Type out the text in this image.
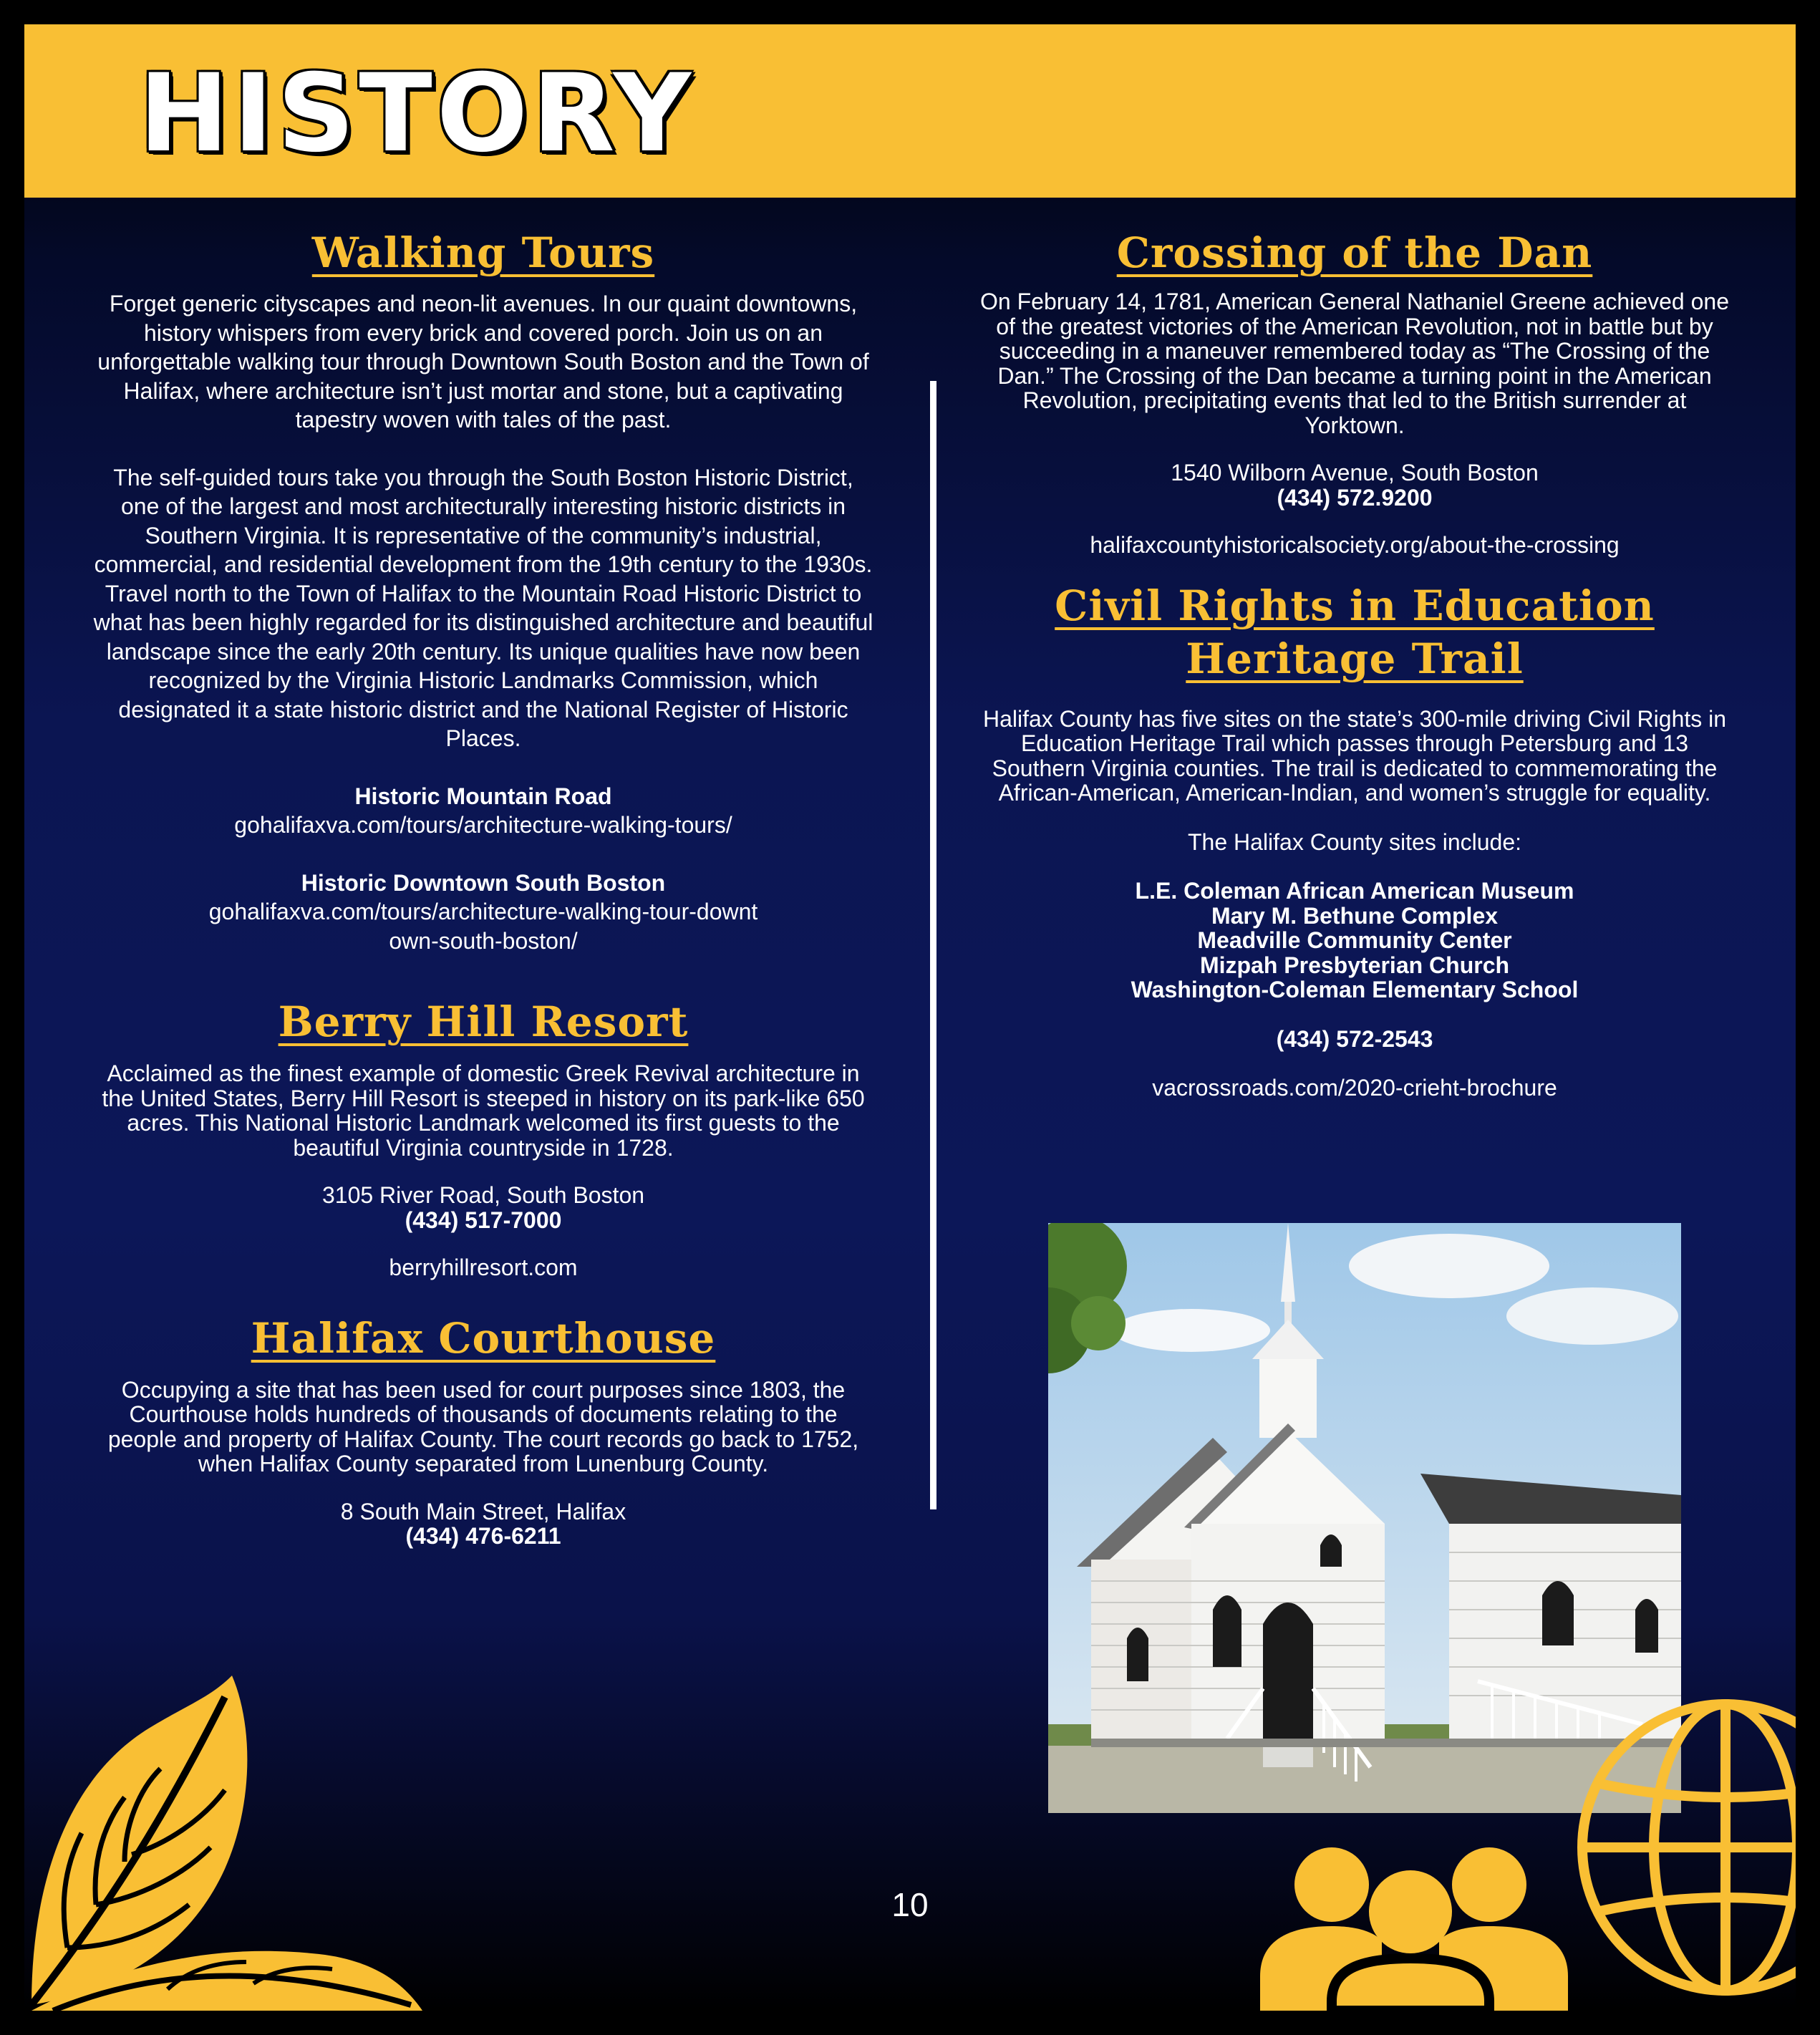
HISTORY
Walking Tours
Forget generic cityscapes and neon-lit avenues. In our quaint downtowns, history whispers from every brick and covered porch. Join us on an unforgettable walking tour through Downtown South Boston and the Town of Halifax, where architecture isn’t just mortar and stone, but a captivating tapestry woven with tales of the past.
The self-guided tours take you through the South Boston Historic District, one of the largest and most architecturally interesting historic districts in Southern Virginia. It is representative of the community’s industrial, commercial, and residential development from the 19th century to the 1930s. Travel north to the Town of Halifax to the Mountain Road Historic District to what has been highly regarded for its distinguished architecture and beautiful landscape since the early 20th century. Its unique qualities have now been recognized by the Virginia Historic Landmarks Commission, which designated it a state historic district and the National Register of Historic Places.
Historic Mountain Road
gohalifaxva.com/tours/architecture-walking-tours/
Historic Downtown South Boston
gohalifaxva.com/tours/architecture-walking-tour-downtown-south-boston/
Berry Hill Resort
Acclaimed as the finest example of domestic Greek Revival architecture in the United States, Berry Hill Resort is steeped in history on its park-like 650 acres. This National Historic Landmark welcomed its first guests to the beautiful Virginia countryside in 1728.
3105 River Road, South Boston
(434) 517-7000
berryhillresort.com
Halifax Courthouse
Occupying a site that has been used for court purposes since 1803, the Courthouse holds hundreds of thousands of documents relating to the people and property of Halifax County. The court records go back to 1752, when Halifax County separated from Lunenburg County.
8 South Main Street, Halifax
(434) 476-6211
Crossing of the Dan
On February 14, 1781, American General Nathaniel Greene achieved one of the greatest victories of the American Revolution, not in battle but by succeeding in a maneuver remembered today as “The Crossing of the Dan.” The Crossing of the Dan became a turning point in the American Revolution, precipitating events that led to the British surrender at Yorktown.
1540 Wilborn Avenue, South Boston
(434) 572.9200
halifaxcountyhistoricalsociety.org/about-the-crossing
Civil Rights in Education
Heritage Trail
Halifax County has five sites on the state’s 300-mile driving Civil Rights in Education Heritage Trail which passes through Petersburg and 13 Southern Virginia counties. The trail is dedicated to commemorating the African-American, American-Indian, and women’s struggle for equality.
The Halifax County sites include:
L.E. Coleman African American Museum
Mary M. Bethune Complex
Meadville Community Center
Mizpah Presbyterian Church
Washington-Coleman Elementary School
(434) 572-2543
vacrossroads.com/2020-crieht-brochure
10
